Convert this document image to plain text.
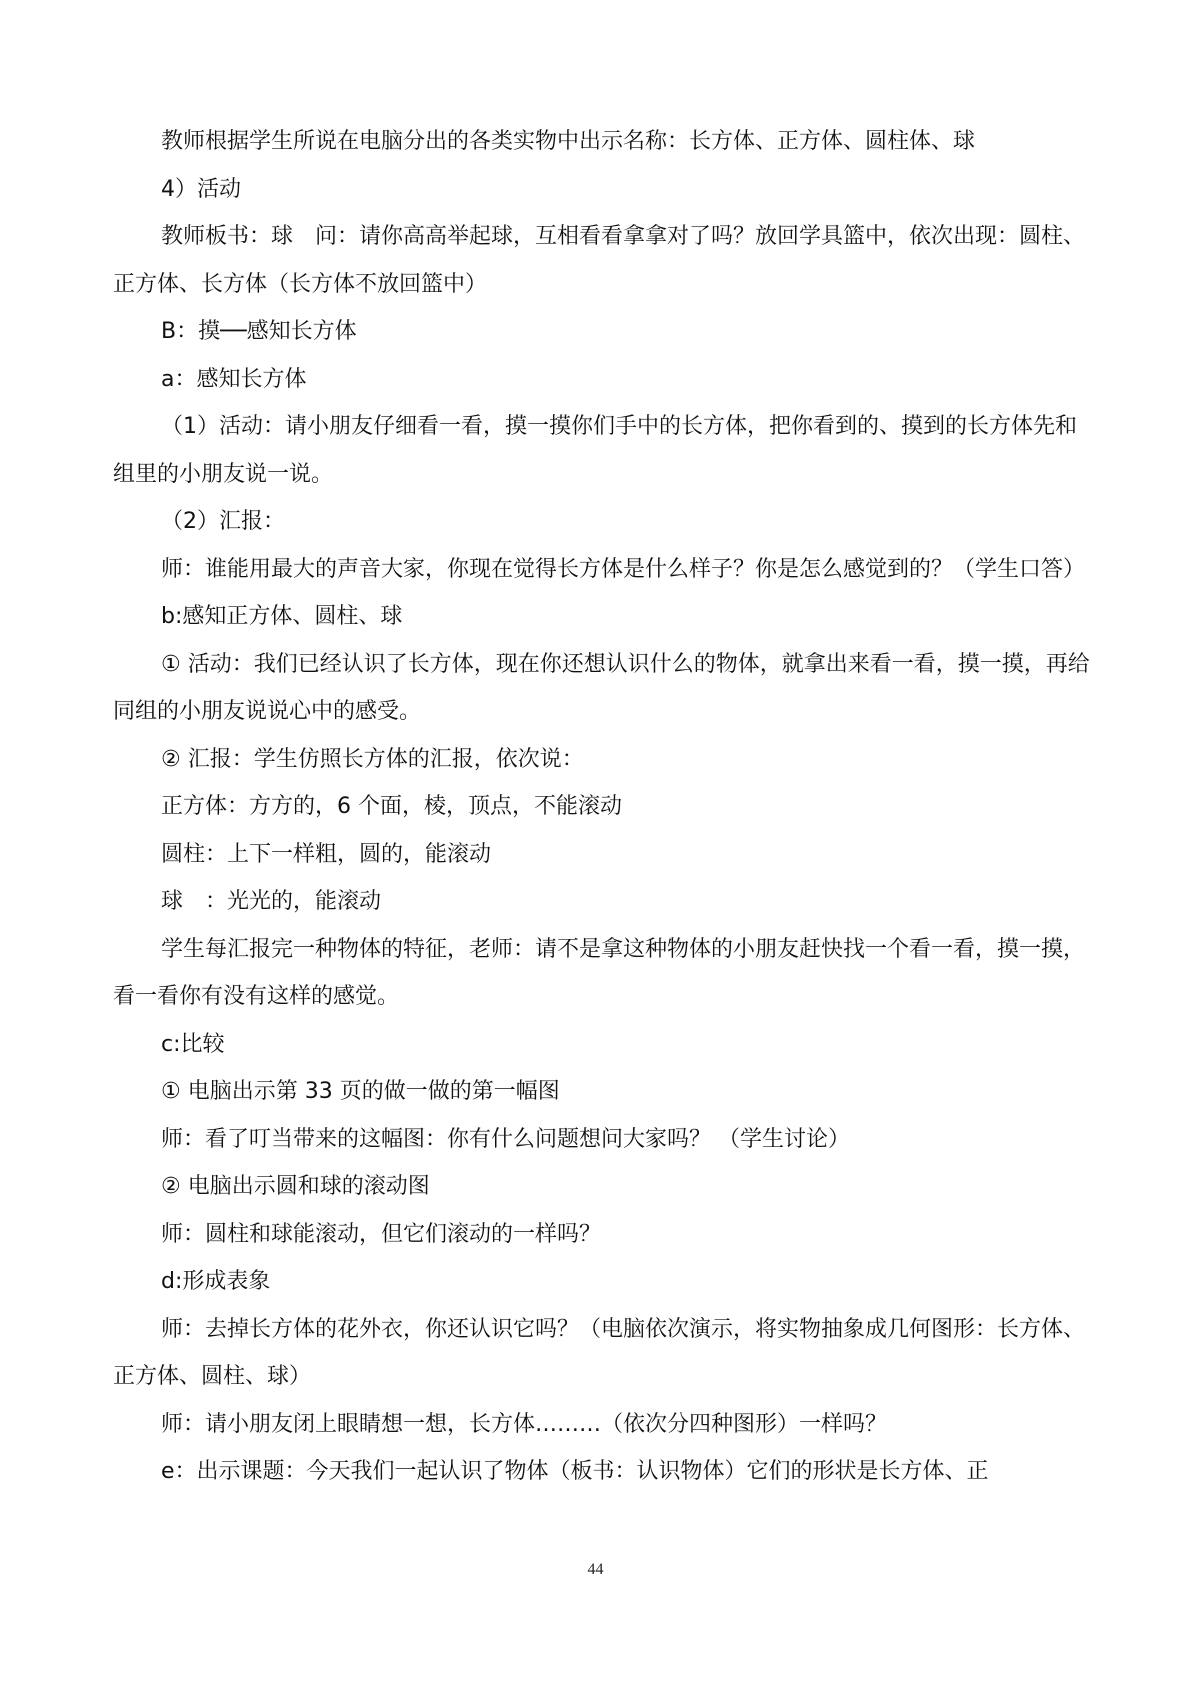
教师根据学生所说在电脑分出的各类实物中出示名称：长方体、正方体、圆柱体、球

4）活动

教师板书：球　问：请你高高举起球，互相看看拿拿对了吗？放回学具篮中，依次出现：圆柱、正方体、长方体（长方体不放回篮中）

B：摸──感知长方体

a：感知长方体

（1）活动：请小朋友仔细看一看，摸一摸你们手中的长方体，把你看到的、摸到的长方体先和组里的小朋友说一说。

（2）汇报：

师：谁能用最大的声音大家，你现在觉得长方体是什么样子？你是怎么感觉到的？（学生口答）

b:感知正方体、圆柱、球

① 活动：我们已经认识了长方体，现在你还想认识什么的物体，就拿出来看一看，摸一摸，再给同组的小朋友说说心中的感受。

② 汇报：学生仿照长方体的汇报，依次说：

正方体：方方的，6 个面，棱，顶点，不能滚动

圆柱：上下一样粗，圆的，能滚动

球　：光光的，能滚动

学生每汇报完一种物体的特征，老师：请不是拿这种物体的小朋友赶快找一个看一看，摸一摸，看一看你有没有这样的感觉。

c:比较

① 电脑出示第 33 页的做一做的第一幅图

师：看了叮当带来的这幅图：你有什么问题想问大家吗？ （学生讨论）

② 电脑出示圆和球的滚动图

师：圆柱和球能滚动，但它们滚动的一样吗？

d:形成表象

师：去掉长方体的花外衣，你还认识它吗？（电脑依次演示，将实物抽象成几何图形：长方体、正方体、圆柱、球）

师：请小朋友闭上眼睛想一想，长方体………（依次分四种图形）一样吗？

e：出示课题：今天我们一起认识了物体（板书：认识物体）它们的形状是长方体、正

44
